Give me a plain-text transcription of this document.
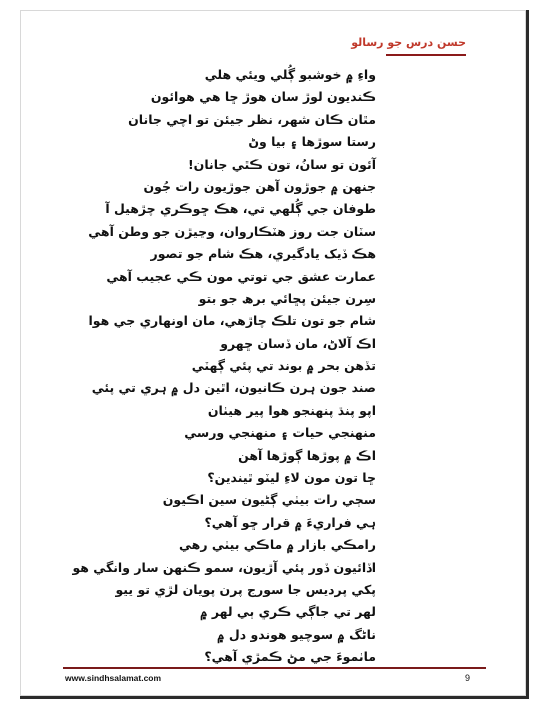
حسن درس جو رسالو
واءِ ۾ خوشبو ڳُلي ويئي ھلي
ڪنديون لوڙ سان هوڙ ڇا هي هوائون
مٿان ڪان شھر، نظر جيئن تو اچي جانان
رستا سوڙھا ۽ بيا وڻ
آئون تو سانُ، تون ڪٿي جانان!
جنھن ۾ جوڙون آهن جوڙيون رات جُون
طوفان جي ڳُلھي تي، ھڪ ڇوڪري چڙھيل آ
سٽان جت روز ھٽڪاروان، وڃيڙن جو وطن آهي
ھڪ ڏيک يادگيري، ھڪ شام جو تصور
عمارت عشق جي توتي مون ڪي عجيب آهي
سِرن جيئن پڇائي برھ جو بتو
شام جو تون تلڪ چاڙهي، مان اونھاري جي ھوا
اڪ آلاڻ، مان ڏسان ڇھرو
تڏهن بحر ۾ بوند تي پئي ڳھٽي
صند جون ہرن ڪانيون، اٿين دل ۾ ہري تي پئي
اپو پنڌ پنھنجو ھوا پير ھيٺان
منھنجي حيات ۽ منھنجي ورسي
اڪ ۾ پوڙها ڳوڙها آهن
ڇا تون مون لاءِ ليٽو ٿيندين؟
سڄي رات بيٺي ڳڻيون سين اڪيون
ہي فراريءَ ۾ قرار ڇو آهي؟
رامڪي بازار ۾ ماڪي بيٺي رهي
اڏائيون ڏور پئي آڙيون، سمو ڪنھن سار وانگي هو
پکي پرديس جا سورج پرن پويان لڙي تو ييو
لھر تي جاڳي ڪري ٻي لھر ۾
ناڻگ ۾ سوچيو ھوندو دل ۾
ماٺموءَ جي مڻ ڪمڙي آهي؟
www.sindhsalamat.com	9
